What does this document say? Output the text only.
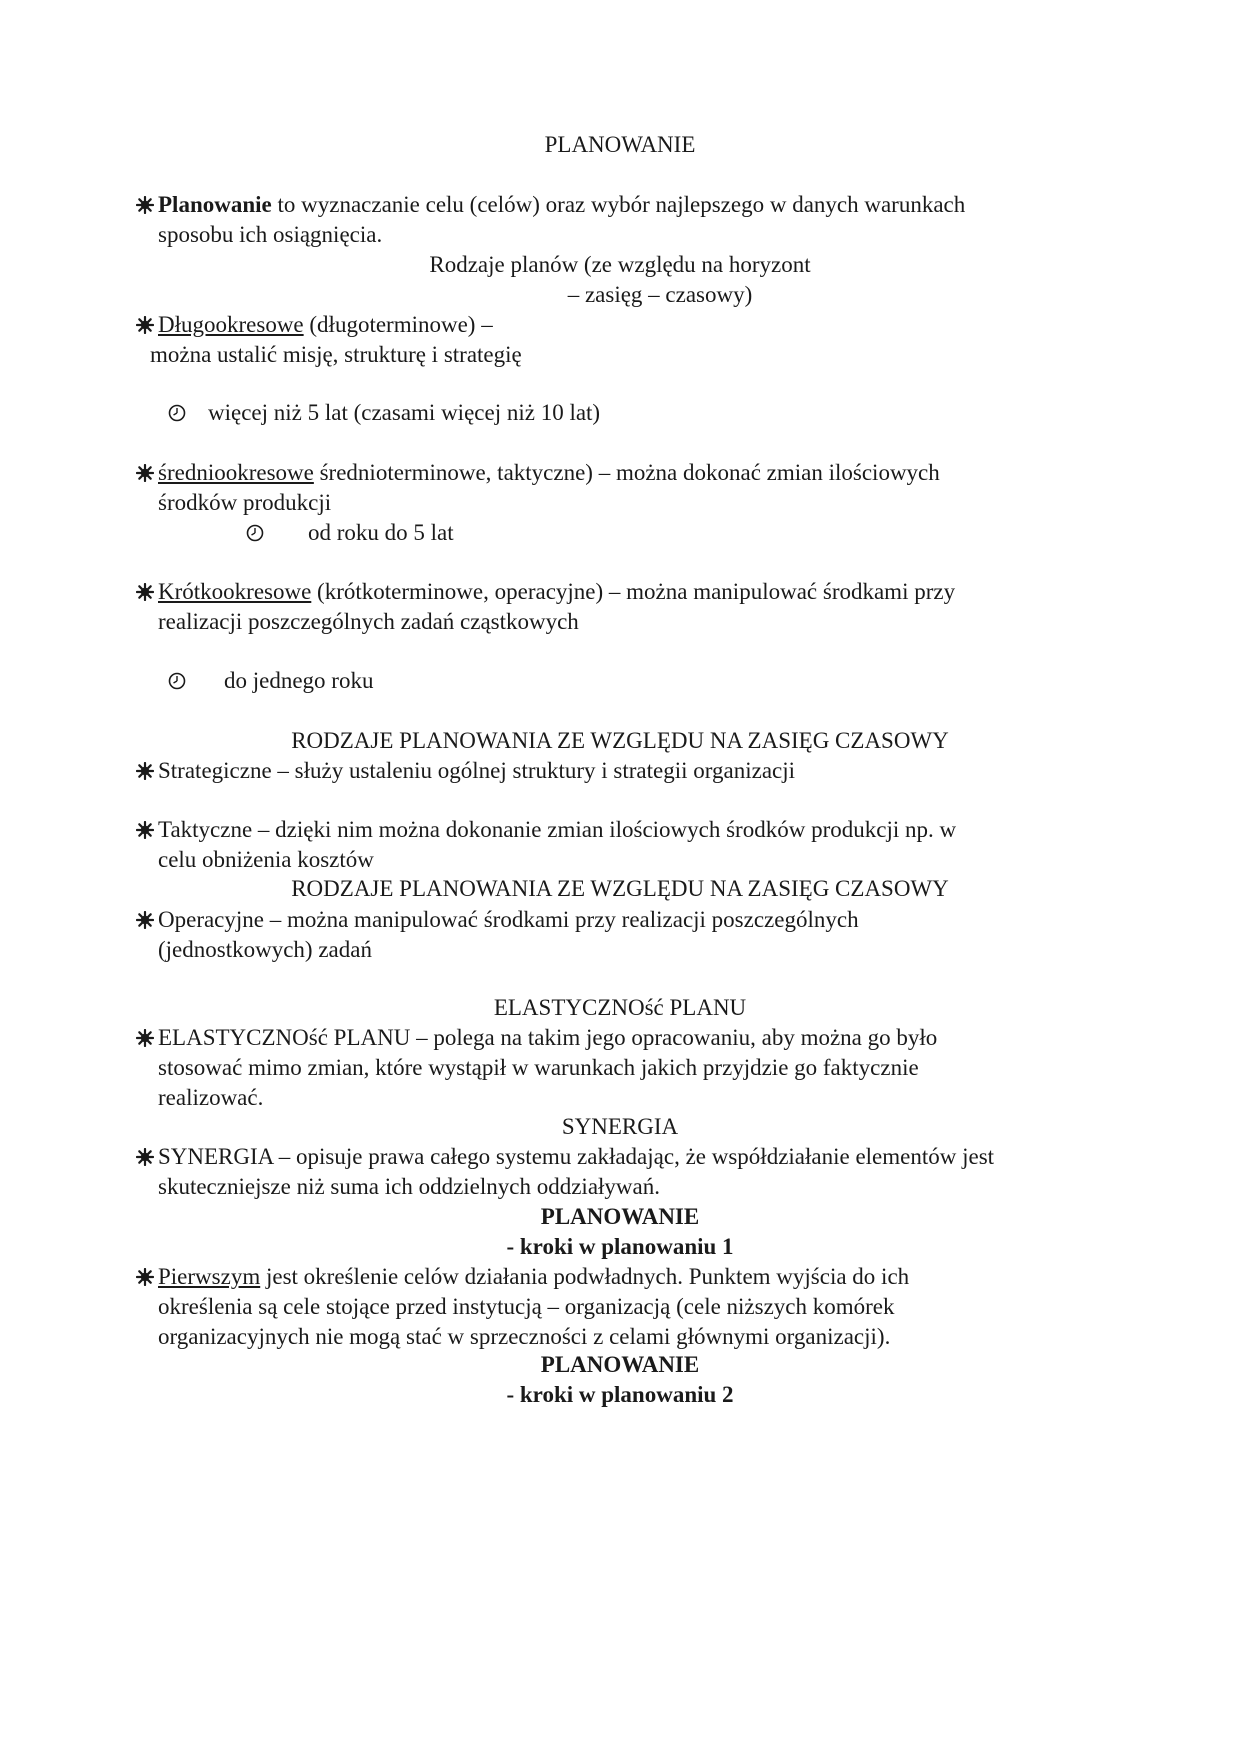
PLANOWANIE
Planowanie to wyznaczanie celu (celów) oraz wybór najlepszego w danych warunkach
sposobu ich osiągnięcia.
Rodzaje planów (ze względu na horyzont
– zasięg – czasowy)
Długookresowe (długoterminowe) –
można ustalić misję, strukturę i strategię
więcej niż 5 lat (czasami więcej niż 10 lat)
średniookresowe średnioterminowe, taktyczne) – można dokonać zmian ilościowych
środków produkcji
od roku do 5 lat
Krótkookresowe (krótkoterminowe, operacyjne) – można manipulować środkami przy
realizacji poszczególnych zadań cząstkowych
do jednego roku
RODZAJE PLANOWANIA ZE WZGLĘDU NA ZASIĘG CZASOWY
Strategiczne – służy ustaleniu ogólnej struktury i strategii organizacji
Taktyczne – dzięki nim można dokonanie zmian ilościowych środków produkcji np. w
celu obniżenia kosztów
RODZAJE PLANOWANIA ZE WZGLĘDU NA ZASIĘG CZASOWY
Operacyjne – można manipulować środkami przy realizacji poszczególnych
(jednostkowych) zadań
ELASTYCZNOść PLANU
ELASTYCZNOść PLANU – polega na takim jego opracowaniu, aby można go było
stosować mimo zmian, które wystąpił w warunkach jakich przyjdzie go faktycznie
realizować.
SYNERGIA
SYNERGIA – opisuje prawa całego systemu zakładając, że współdziałanie elementów jest
skuteczniejsze niż suma ich oddzielnych oddziaływań.
PLANOWANIE
- kroki w planowaniu 1
Pierwszym jest określenie celów działania podwładnych. Punktem wyjścia do ich
określenia są cele stojące przed instytucją – organizacją (cele niższych komórek
organizacyjnych nie mogą stać w sprzeczności z celami głównymi organizacji).
PLANOWANIE
- kroki w planowaniu 2
